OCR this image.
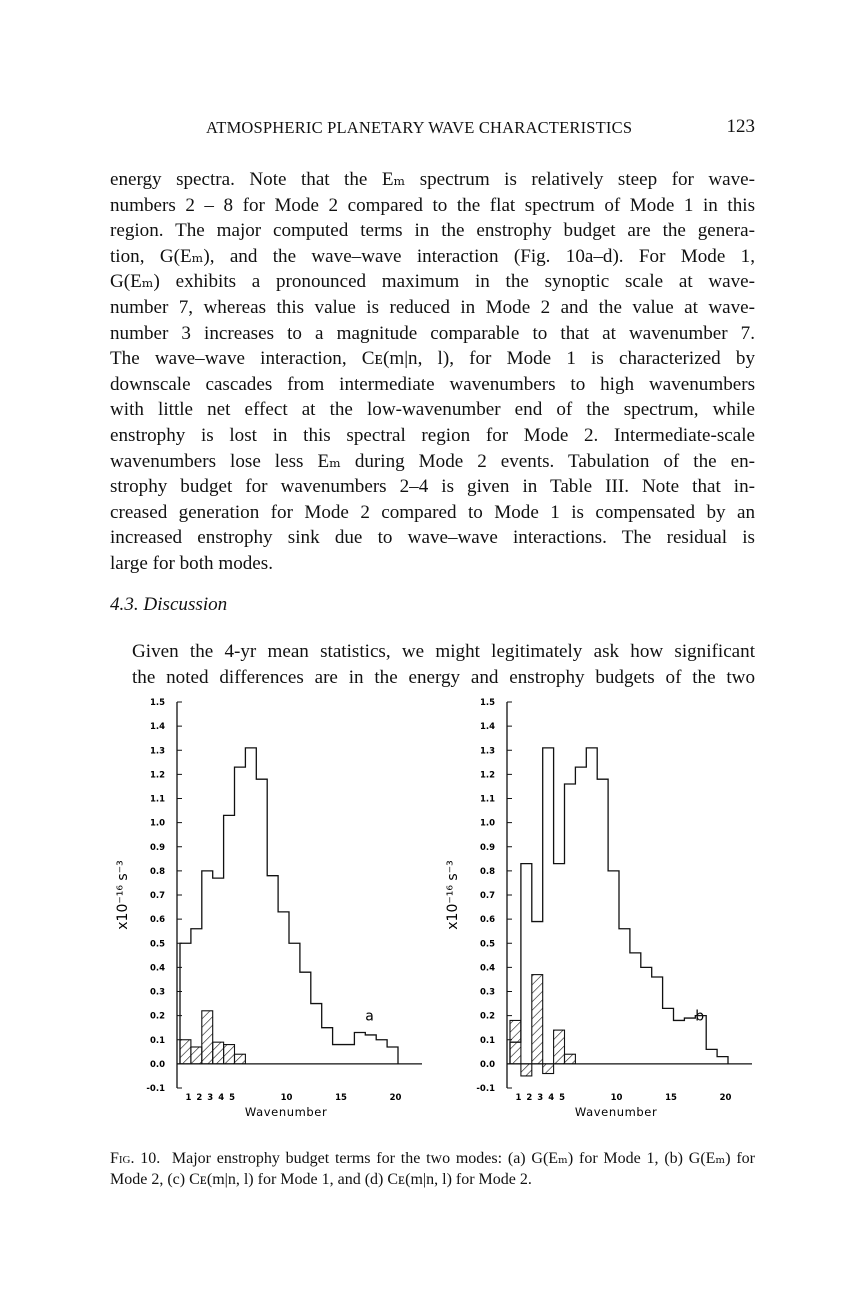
ATMOSPHERIC PLANETARY WAVE CHARACTERISTICS	123
energy spectra. Note that the Eₘ spectrum is relatively steep for wave-
numbers 2 – 8 for Mode 2 compared to the flat spectrum of Mode 1 in this
region. The major computed terms in the enstrophy budget are the genera-
tion, G(Eₘ), and the wave–wave interaction (Fig. 10a–d). For Mode 1,
G(Eₘ) exhibits a pronounced maximum in the synoptic scale at wave-
number 7, whereas this value is reduced in Mode 2 and the value at wave-
number 3 increases to a magnitude comparable to that at wavenumber 7.
The wave–wave interaction, Cᴇ(m|n, l), for Mode 1 is characterized by
downscale cascades from intermediate wavenumbers to high wavenumbers
with little net effect at the low-wavenumber end of the spectrum, while
enstrophy is lost in this spectral region for Mode 2. Intermediate-scale
wavenumbers lose less Eₘ during Mode 2 events. Tabulation of the en-
strophy budget for wavenumbers 2–4 is given in Table III. Note that in-
creased generation for Mode 2 compared to Mode 1 is compensated by an
increased enstrophy sink due to wave–wave interactions. The residual is
large for both modes.
4.3. Discussion
Given the 4-yr mean statistics, we might legitimately ask how significant
the noted differences are in the energy and enstrophy budgets of the two
1.5
1.4
1.3
1.2
1.1
1.0
0.9
0.8
0.7
0.6
0.5
0.4
0.3
0.2
0.1
0.0
-0.1
x10⁻¹⁶ s⁻³
1 2 3 4 5	10	15	20
Wavenumber
a
1.5
1.4
1.3
1.2
1.1
1.0
0.9
0.8
0.7
0.6
0.5
0.4
0.3
0.2
0.1
0.0
-0.1
x10⁻¹⁶ s⁻³
1 2 3 4 5	10	15	20
Wavenumber
b

Fig. 10. Major enstrophy budget terms for the two modes: (a) G(Eₘ) for Mode 1, (b) G(Eₘ) for Mode 2, (c) Cᴇ(m|n, l) for Mode 1, and (d) Cᴇ(m|n, l) for Mode 2.
